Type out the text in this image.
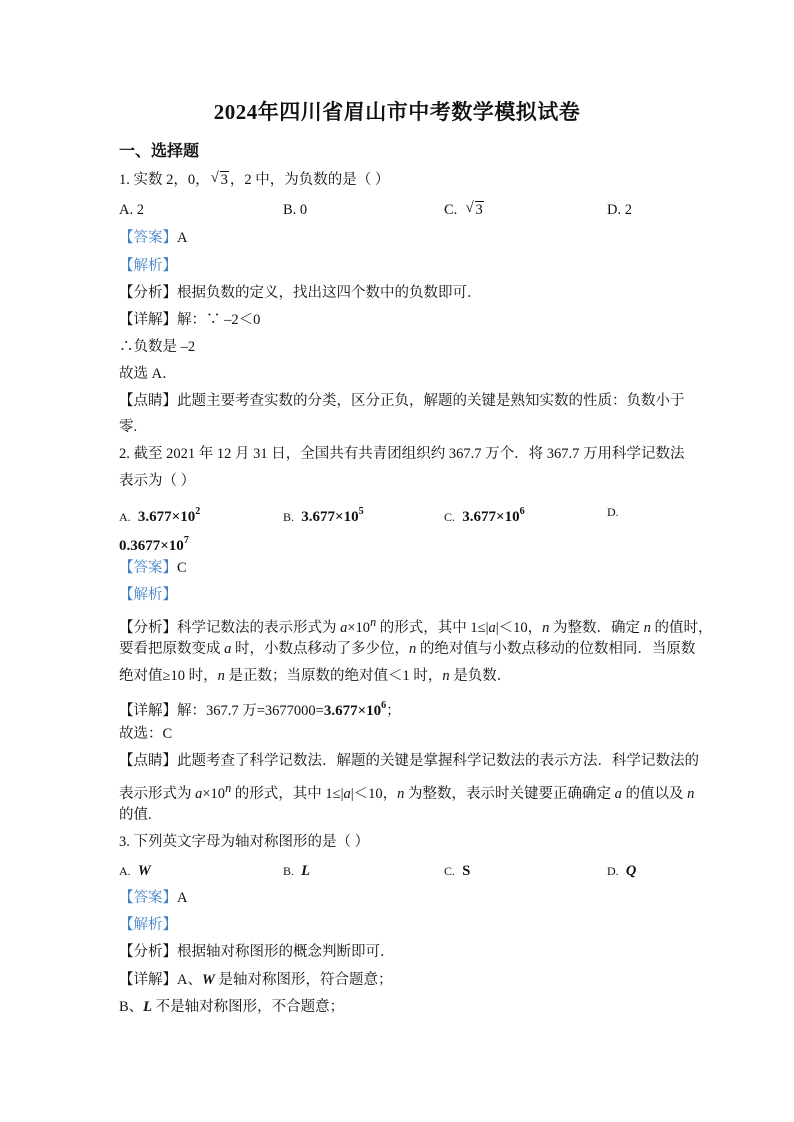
2024年四川省眉山市中考数学模拟试卷
一、选择题
1. 实数 2，0， √ 3 ，2 中，为负数的是（ ）
A. 2	B. 0	C. √ 3	D. 2
【答案】A
【解析】
【分析】根据负数的定义，找出这四个数中的负数即可．
【详解】解：∵ –2＜0
∴负数是 –2
故选 A．
【点睛】此题主要考查实数的分类，区分正负，解题的关键是熟知实数的性质：负数小于
零.
2. 截至 2021 年 12 月 31 日，全国共有共青团组织约 367.7 万个．将 367.7 万用科学记数法
表示为（ ）
A. $3.677\times 10^2$	B. $3.677\times 10^5$	C. $3.677\times 10^6$	D.
$0.3677\times 10^7$
【答案】C
【解析】
【分析】科学记数法的表示形式为 $a\times 10^n$ 的形式，其中 1≤|a|＜10，n 为整数．确定 n 的值时，
要看把原数变成 a 时，小数点移动了多少位，n 的绝对值与小数点移动的位数相同．当原数
绝对值≥10 时，n 是正数；当原数的绝对值＜1 时，n 是负数．
【详解】解：367.7 万$=3677000=3.677\times 10^6$；
故选：C
【点睛】此题考查了科学记数法．解题的关键是掌握科学记数法的表示方法．科学记数法的
表示形式为 $a\times 10^n$ 的形式，其中 1≤|a|＜10，n 为整数，表示时关键要正确确定 a 的值以及 n
的值.
3. 下列英文字母为轴对称图形的是（ ）
A. W	B. L	C. S	D. Q
【答案】A
【解析】
【分析】根据轴对称图形的概念判断即可．
【详解】A、W 是轴对称图形，符合题意；
B、L 不是轴对称图形，不合题意；
